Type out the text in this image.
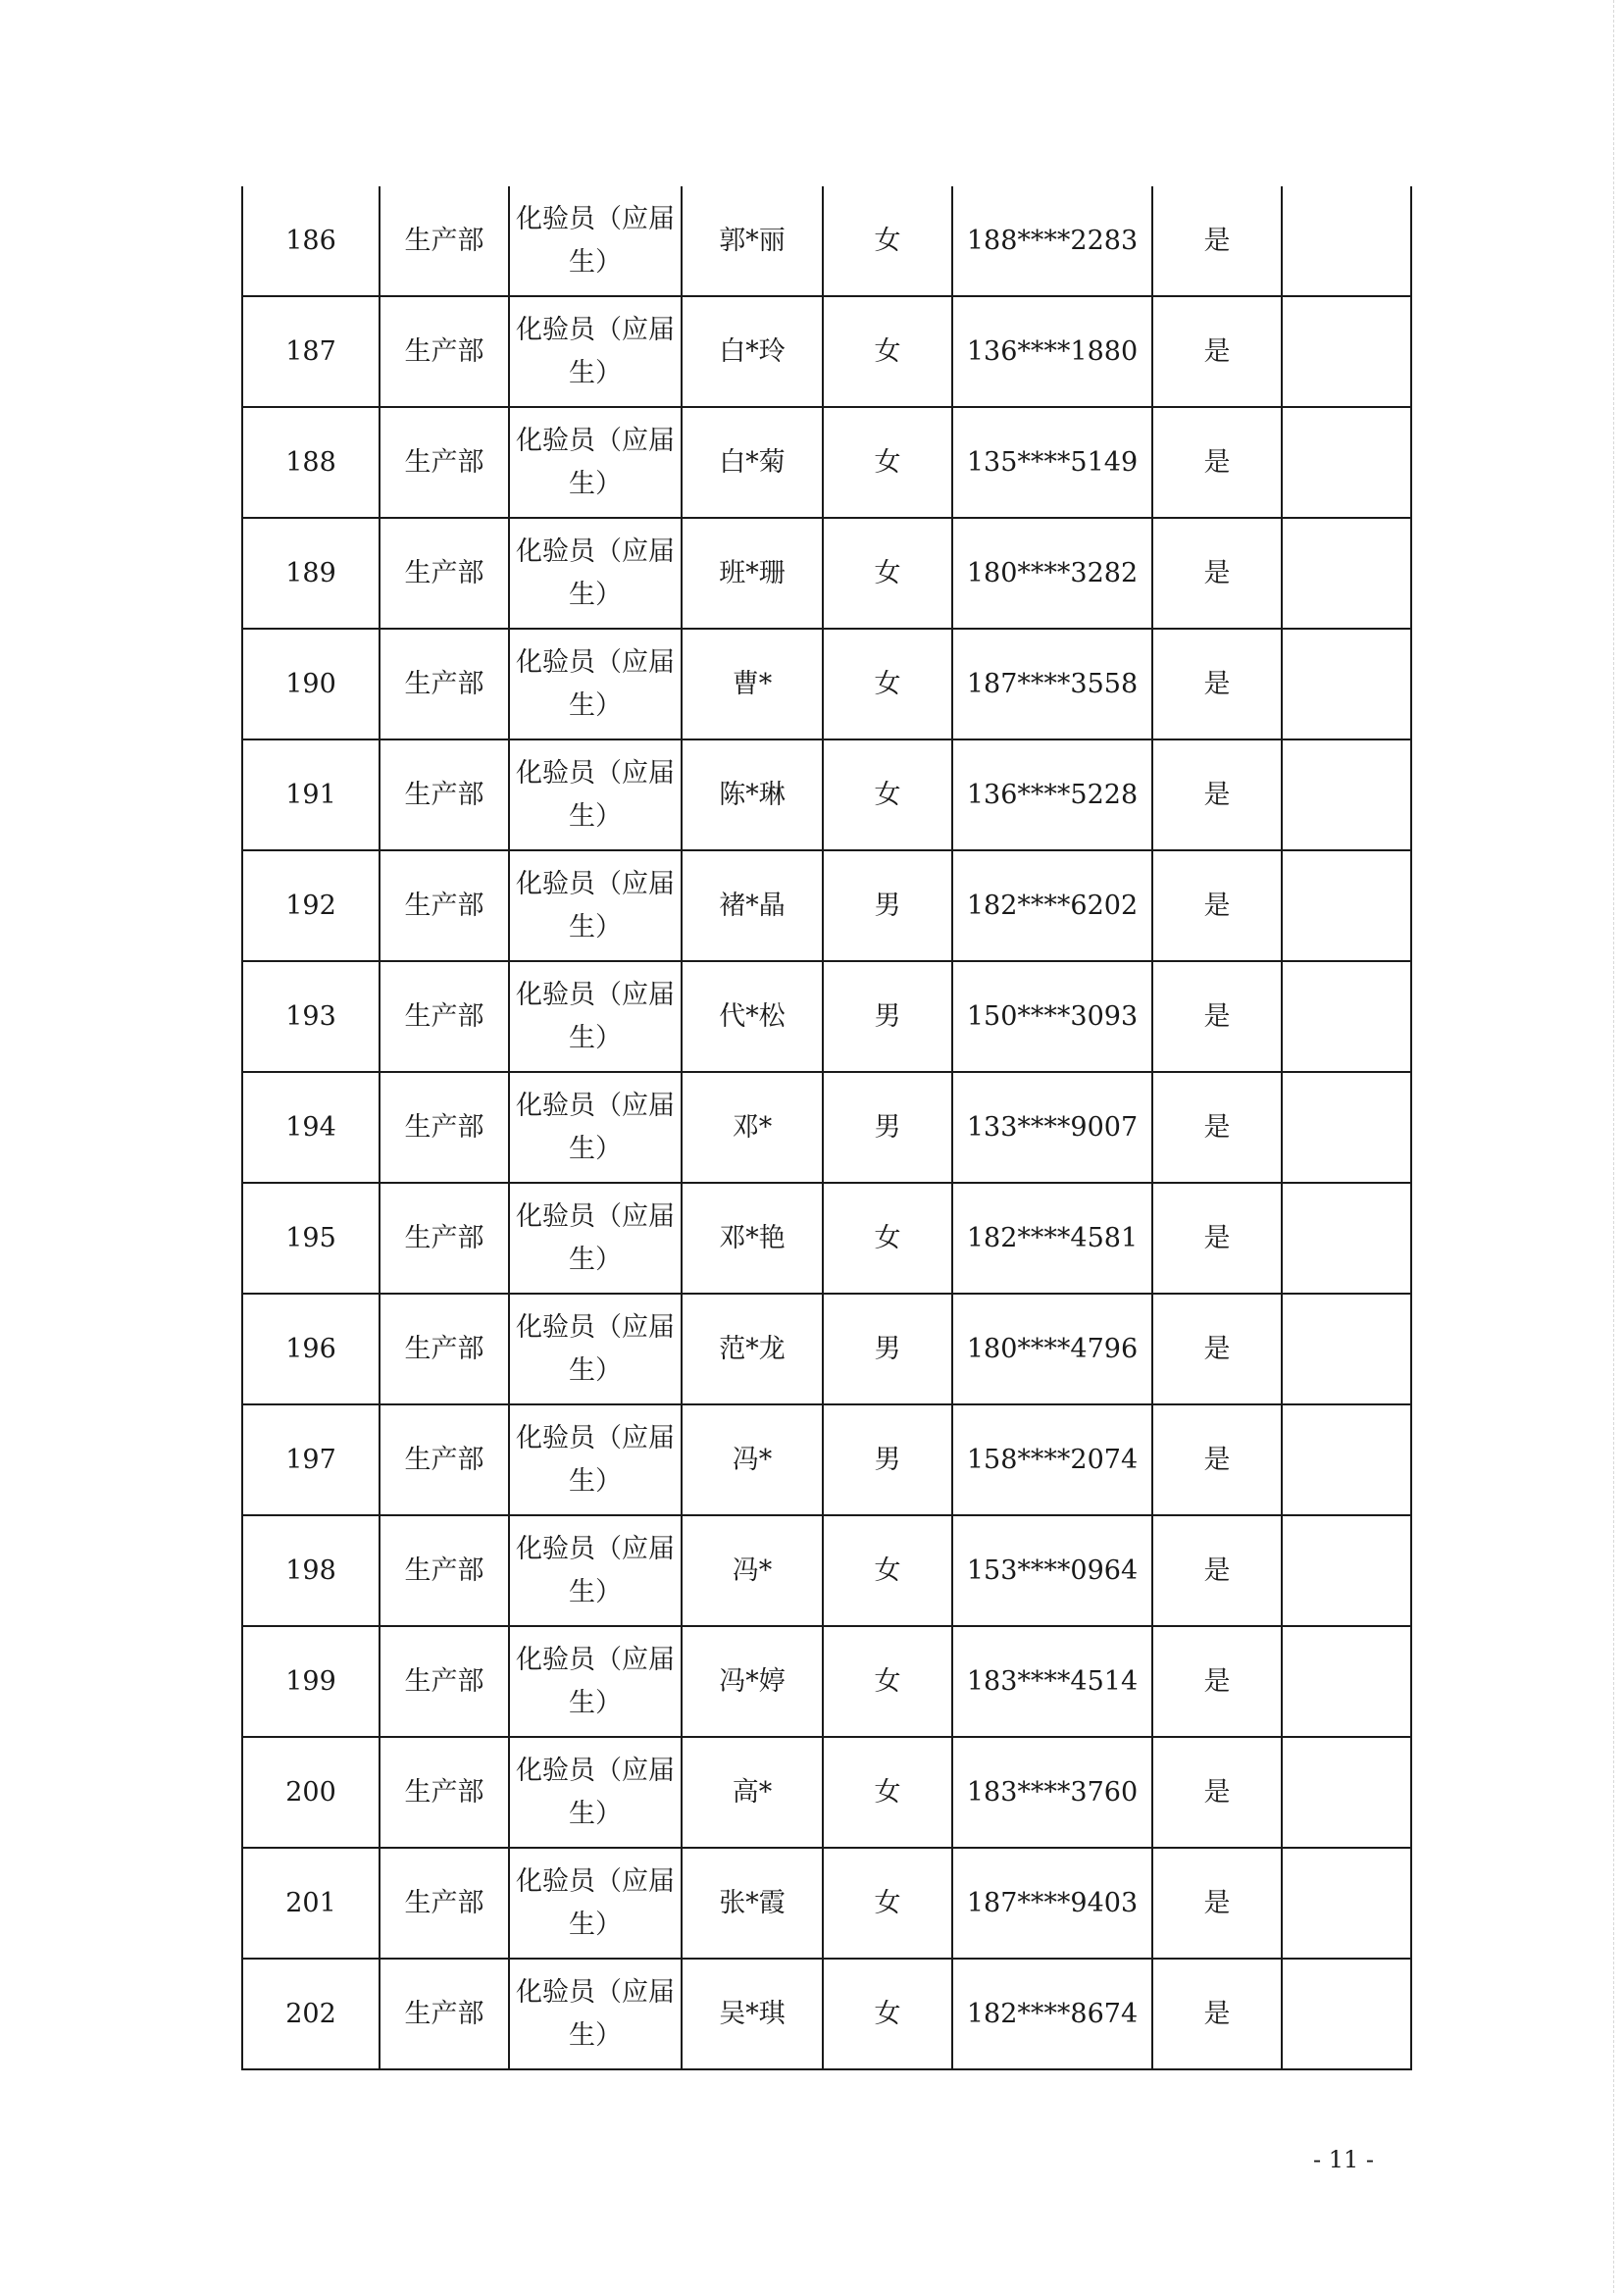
186	生产部	化验员（应届生）	郭*丽	女	188****2283	是	
187	生产部	化验员（应届生）	白*玲	女	136****1880	是	
188	生产部	化验员（应届生）	白*菊	女	135****5149	是	
189	生产部	化验员（应届生）	班*珊	女	180****3282	是	
190	生产部	化验员（应届生）	曹*	女	187****3558	是	
191	生产部	化验员（应届生）	陈*琳	女	136****5228	是	
192	生产部	化验员（应届生）	褚*晶	男	182****6202	是	
193	生产部	化验员（应届生）	代*松	男	150****3093	是	
194	生产部	化验员（应届生）	邓*	男	133****9007	是	
195	生产部	化验员（应届生）	邓*艳	女	182****4581	是	
196	生产部	化验员（应届生）	范*龙	男	180****4796	是	
197	生产部	化验员（应届生）	冯*	男	158****2074	是	
198	生产部	化验员（应届生）	冯*	女	153****0964	是	
199	生产部	化验员（应届生）	冯*婷	女	183****4514	是	
200	生产部	化验员（应届生）	高*	女	183****3760	是	
201	生产部	化验员（应届生）	张*霞	女	187****9403	是	
202	生产部	化验员（应届生）	吴*琪	女	182****8674	是	
- 11 -
